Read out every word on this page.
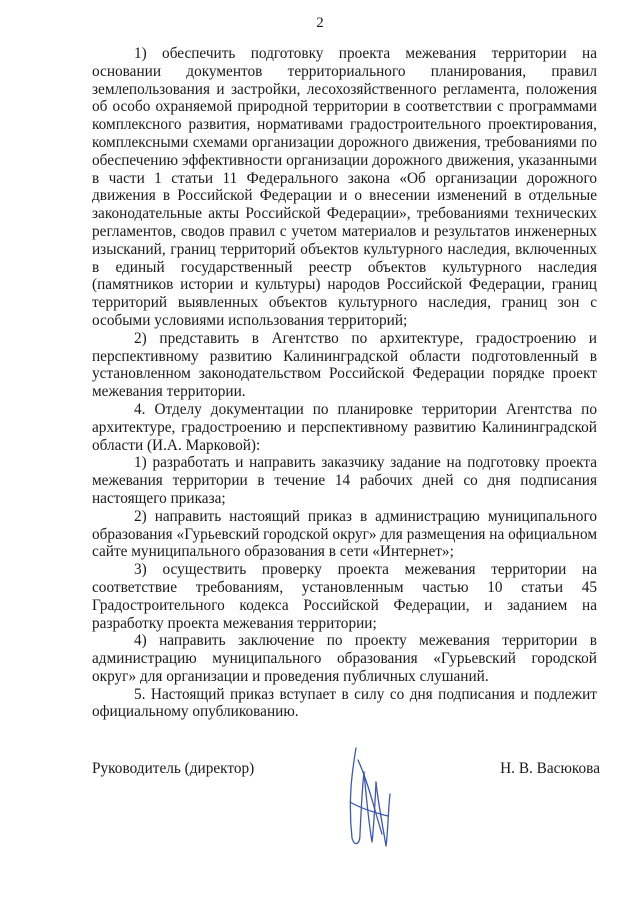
2

1) обеспечить подготовку проекта межевания территории на основании документов территориального планирования, правил землепользования и застройки, лесохозяйственного регламента, положения об особо охраняемой природной территории в соответствии с программами комплексного развития, нормативами градостроительного проектирования, комплексными схемами организации дорожного движения, требованиями по обеспечению эффективности организации дорожного движения, указанными в части 1 статьи 11 Федерального закона «Об организации дорожного движения в Российской Федерации и о внесении изменений в отдельные законодательные акты Российской Федерации», требованиями технических регламентов, сводов правил с учетом материалов и результатов инженерных изысканий, границ территорий объектов культурного наследия, включенных в единый государственный реестр объектов культурного наследия (памятников истории и культуры) народов Российской Федерации, границ территорий выявленных объектов культурного наследия, границ зон с особыми условиями использования территорий;

2) представить в Агентство по архитектуре, градостроению и перспективному развитию Калининградской области подготовленный в установленном законодательством Российской Федерации порядке проект межевания территории.

4. Отделу документации по планировке территории Агентства по архитектуре, градостроению и перспективному развитию Калининградской области (И.А. Марковой):

1) разработать и направить заказчику задание на подготовку проекта межевания территории в течение 14 рабочих дней со дня подписания настоящего приказа;

2) направить настоящий приказ в администрацию муниципального образования «Гурьевский городской округ» для размещения на официальном сайте муниципального образования в сети «Интернет»;

3) осуществить проверку проекта межевания территории на соответствие требованиям, установленным частью 10 статьи 45 Градостроительного кодекса Российской Федерации, и заданием на разработку проекта межевания территории;

4) направить заключение по проекту межевания территории в администрацию муниципального образования «Гурьевский городской округ» для организации и проведения публичных слушаний.

5. Настоящий приказ вступает в силу со дня подписания и подлежит официальному опубликованию.

Руководитель (директор)	Н. В. Васюкова
